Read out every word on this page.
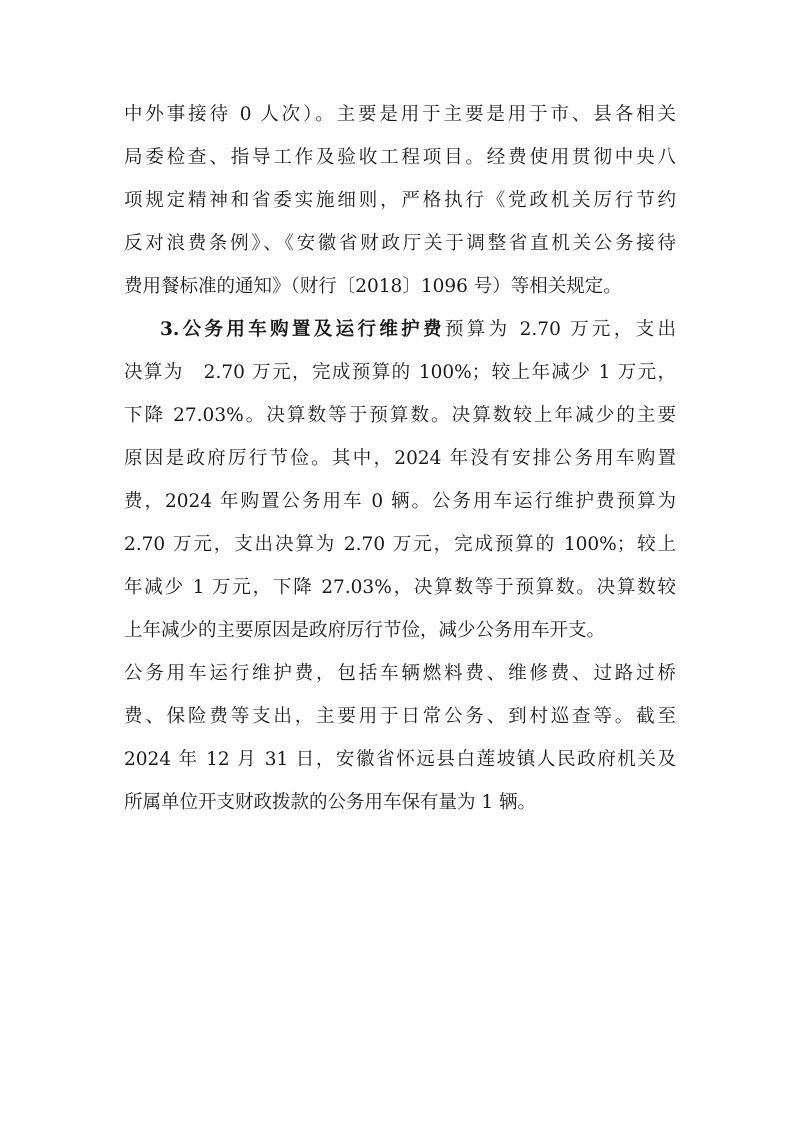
中外事接待 0 人次）。主要是用于主要是用于市、县各相关
局委检查、指导工作及验收工程项目。经费使用贯彻中央八
项规定精神和省委实施细则，严格执行《党政机关厉行节约
反对浪费条例》、《安徽省财政厅关于调整省直机关公务接待
费用餐标准的通知》（财行〔2018〕1096 号）等相关规定。
3.公务用车购置及运行维护费预算为 2.70 万元，支出
决算为　2.70 万元，完成预算的 100%；较上年减少 1 万元，
下降 27.03%。决算数等于预算数。决算数较上年减少的主要
原因是政府厉行节俭。其中，2024 年没有安排公务用车购置
费，2024 年购置公务用车 0 辆。公务用车运行维护费预算为
2.70 万元，支出决算为 2.70 万元，完成预算的 100%；较上
年减少 1 万元，下降 27.03%，决算数等于预算数。决算数较
上年减少的主要原因是政府厉行节俭，减少公务用车开支。
公务用车运行维护费，包括车辆燃料费、维修费、过路过桥
费、保险费等支出，主要用于日常公务、到村巡查等。截至
2024 年 12 月 31 日，安徽省怀远县白莲坡镇人民政府机关及
所属单位开支财政拨款的公务用车保有量为 1 辆。
